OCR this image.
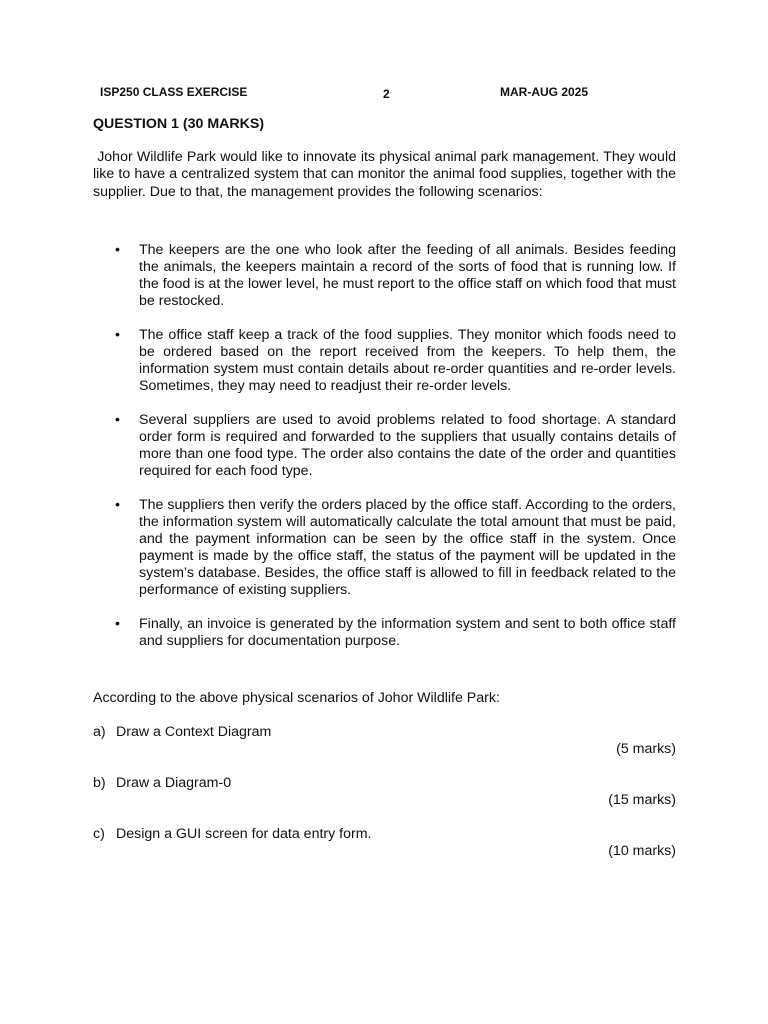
ISP250 CLASS EXERCISE	2	MAR-AUG 2025
QUESTION 1 (30 MARKS)

Johor Wildlife Park would like to innovate its physical animal park management. They would like to have a centralized system that can monitor the animal food supplies, together with the supplier. Due to that, the management provides the following scenarios:

• The keepers are the one who look after the feeding of all animals. Besides feeding the animals, the keepers maintain a record of the sorts of food that is running low. If the food is at the lower level, he must report to the office staff on which food that must be restocked.
• The office staff keep a track of the food supplies. They monitor which foods need to be ordered based on the report received from the keepers. To help them, the information system must contain details about re-order quantities and re-order levels. Sometimes, they may need to readjust their re-order levels.
• Several suppliers are used to avoid problems related to food shortage. A standard order form is required and forwarded to the suppliers that usually contains details of more than one food type. The order also contains the date of the order and quantities required for each food type.
• The suppliers then verify the orders placed by the office staff. According to the orders, the information system will automatically calculate the total amount that must be paid, and the payment information can be seen by the office staff in the system. Once payment is made by the office staff, the status of the payment will be updated in the system’s database. Besides, the office staff is allowed to fill in feedback related to the performance of existing suppliers.
• Finally, an invoice is generated by the information system and sent to both office staff and suppliers for documentation purpose.

According to the above physical scenarios of Johor Wildlife Park:

a) Draw a Context Diagram
(5 marks)
b) Draw a Diagram-0
(15 marks)
c) Design a GUI screen for data entry form.
(10 marks)
